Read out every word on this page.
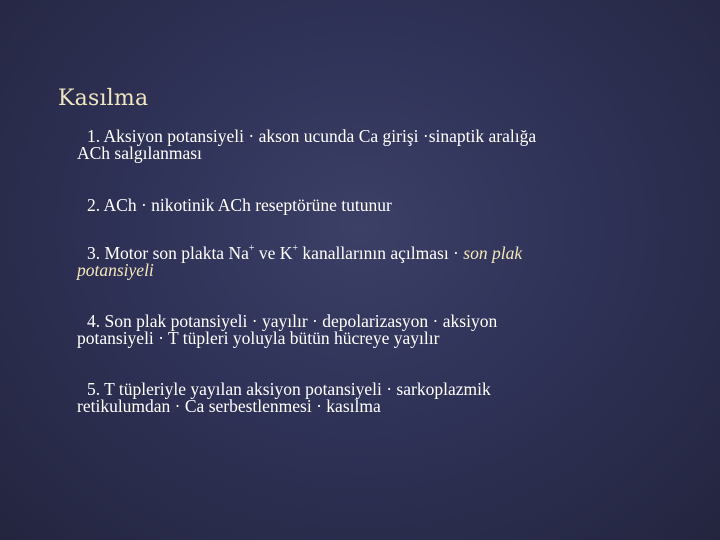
Kasılma
1. Aksiyon potansiyeli · akson ucunda Ca girişi ·sinaptik aralığa
ACh salgılanması
2. ACh · nikotinik ACh reseptörüne tutunur
3. Motor son plakta Na+ ve K+ kanallarının açılması · son plak
potansiyeli
4. Son plak potansiyeli · yayılır · depolarizasyon · aksiyon
potansiyeli · T tüpleri yoluyla bütün hücreye yayılır
5. T tüpleriyle yayılan aksiyon potansiyeli · sarkoplazmik
retikulumdan · Ca serbestlenmesi · kasılma
